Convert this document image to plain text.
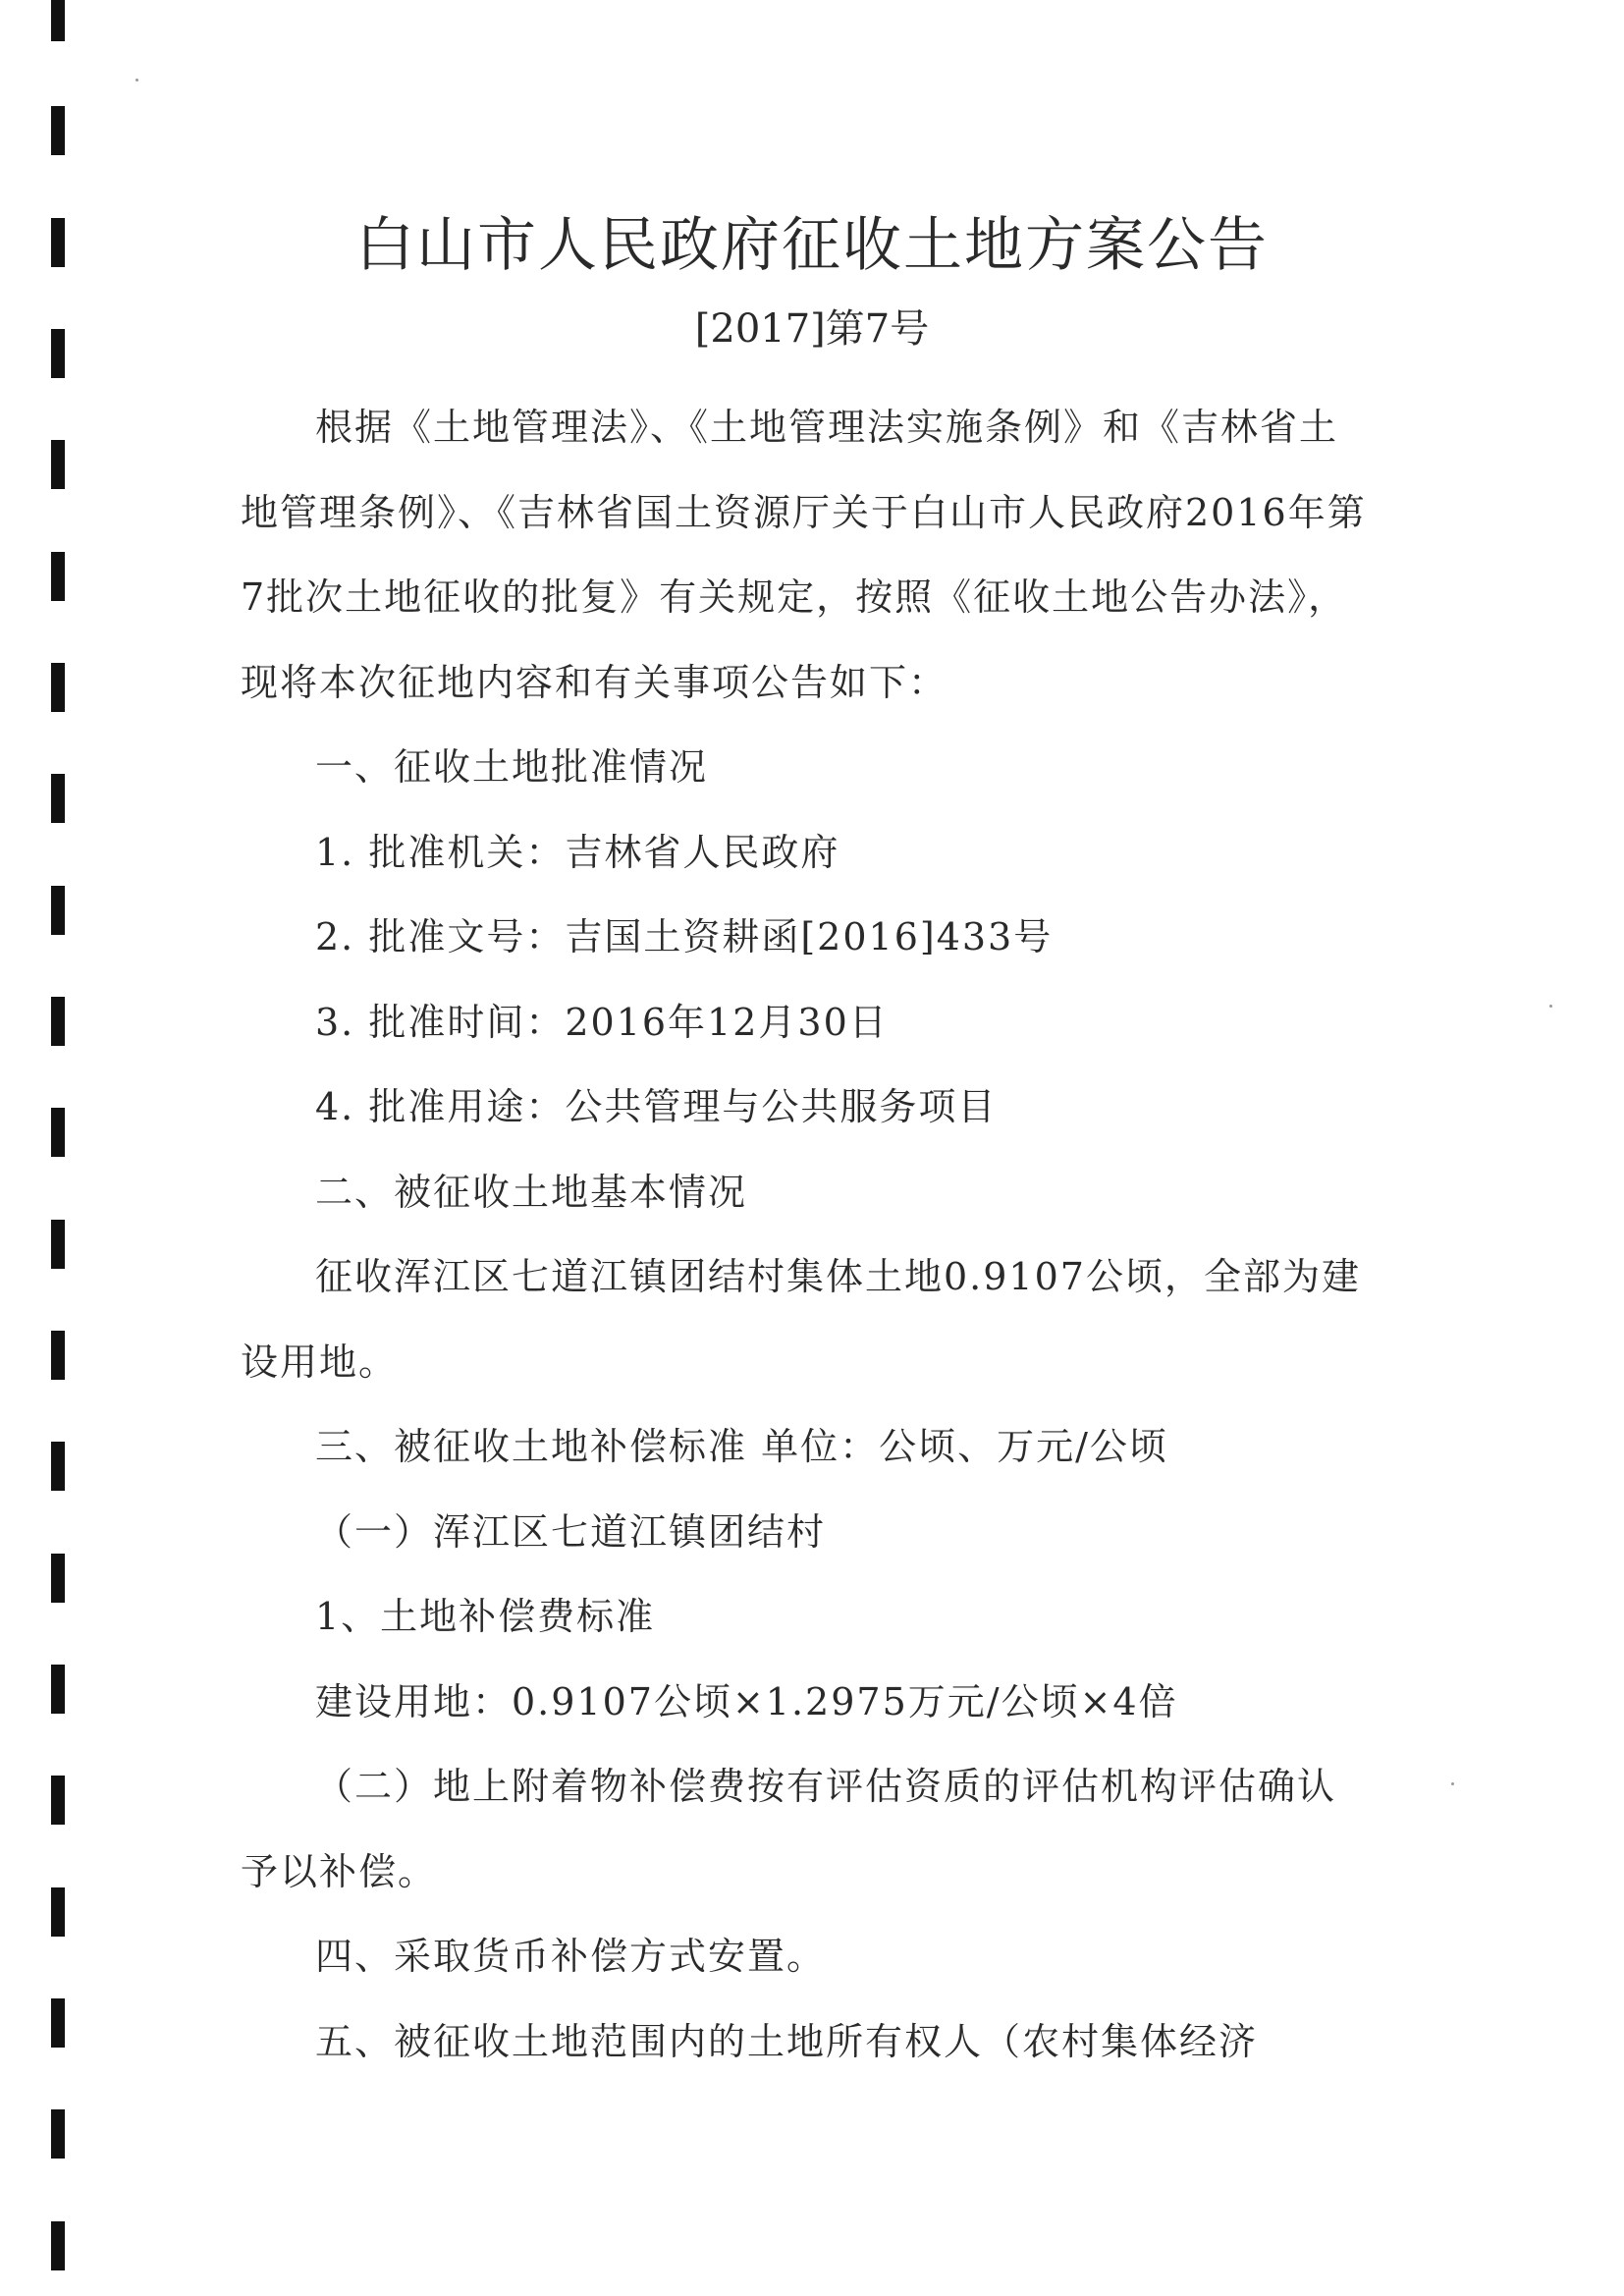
白山市人民政府征收土地方案公告
[2017]第7号

根据《土地管理法》、《土地管理法实施条例》和《吉林省土地管理条例》、《吉林省国土资源厅关于白山市人民政府2016年第7批次土地征收的批复》有关规定，按照《征收土地公告办法》，现将本次征地内容和有关事项公告如下：

一、征收土地批准情况

1. 批准机关：吉林省人民政府

2. 批准文号：吉国土资耕函[2016]433号

3. 批准时间：2016年12月30日

4. 批准用途：公共管理与公共服务项目

二、被征收土地基本情况

征收浑江区七道江镇团结村集体土地0.9107公顷，全部为建设用地。

三、被征收土地补偿标准 单位：公顷、万元/公顷

（一）浑江区七道江镇团结村

1、土地补偿费标准

建设用地：0.9107公顷×1.2975万元/公顷×4倍

（二）地上附着物补偿费按有评估资质的评估机构评估确认予以补偿。

四、采取货币补偿方式安置。

五、被征收土地范围内的土地所有权人（农村集体经济
